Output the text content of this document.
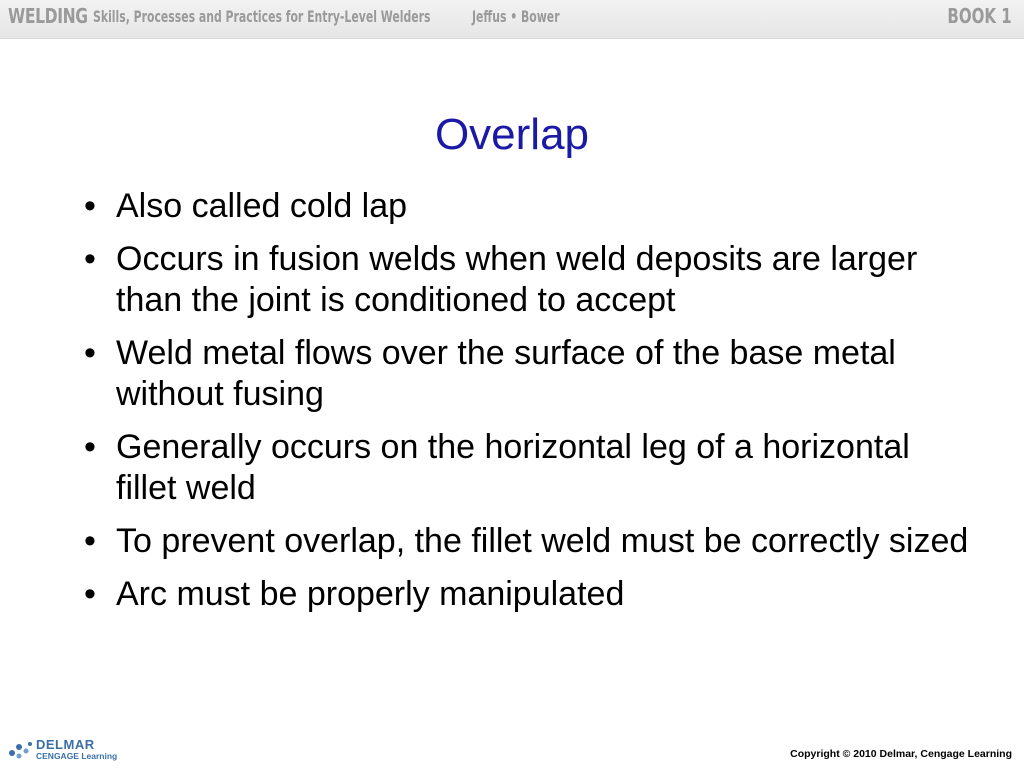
WELDING Skills, Processes and Practices for Entry-Level Welders	Jeffus • Bower	BOOK 1
Overlap
• Also called cold lap
• Occurs in fusion welds when weld deposits are larger than the joint is conditioned to accept
• Weld metal flows over the surface of the base metal without fusing
• Generally occurs on the horizontal leg of a horizontal fillet weld
• To prevent overlap, the fillet weld must be correctly sized
• Arc must be properly manipulated
DELMAR
CENGAGE Learning	Copyright © 2010 Delmar, Cengage Learning
